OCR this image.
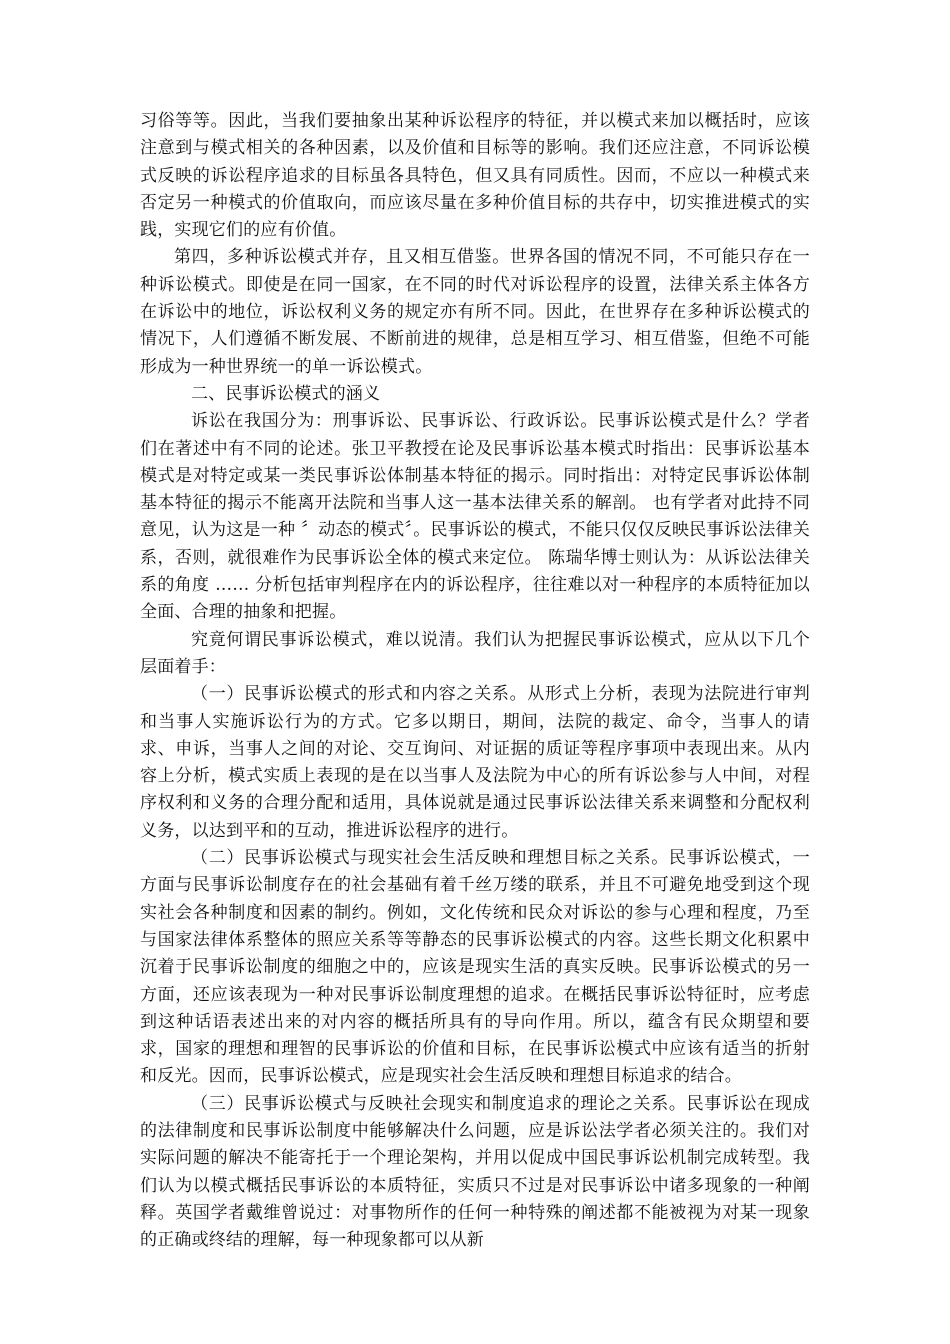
习俗等等。因此，当我们要抽象出某种诉讼程序的特征，并以模式来加以概括时，应该注意到与模式相关的各种因素，以及价值和目标等的影响。我们还应注意，不同诉讼模式反映的诉讼程序追求的目标虽各具特色，但又具有同质性。因而，不应以一种模式来否定另一种模式的价值取向，而应该尽量在多种价值目标的共存中，切实推进模式的实践，实现它们的应有价值。

第四，多种诉讼模式并存，且又相互借鉴。世界各国的情况不同，不可能只存在一种诉讼模式。即使是在同一国家，在不同的时代对诉讼程序的设置，法律关系主体各方在诉讼中的地位，诉讼权利义务的规定亦有所不同。因此，在世界存在多种诉讼模式的情况下，人们遵循不断发展、不断前进的规律，总是相互学习、相互借鉴，但绝不可能形成为一种世界统一的单一诉讼模式。

二、民事诉讼模式的涵义

诉讼在我国分为：刑事诉讼、民事诉讼、行政诉讼。民事诉讼模式是什么？学者们在著述中有不同的论述。张卫平教授在论及民事诉讼基本模式时指出：民事诉讼基本模式是对特定或某一类民事诉讼体制基本特征的揭示。同时指出：对特定民事诉讼体制基本特征的揭示不能离开法院和当事人这一基本法律关系的解剖。 也有学者对此持不同意见，认为这是一种 〞动态的模式〞。民事诉讼的模式，不能只仅仅反映民事诉讼法律关系，否则，就很难作为民事诉讼全体的模式来定位。 陈瑞华博士则认为：从诉讼法律关系的角度 …… 分析包括审判程序在内的诉讼程序，往往难以对一种程序的本质特征加以全面、合理的抽象和把握。

究竟何谓民事诉讼模式，难以说清。我们认为把握民事诉讼模式，应从以下几个层面着手：

（一）民事诉讼模式的形式和内容之关系。从形式上分析，表现为法院进行审判和当事人实施诉讼行为的方式。它多以期日，期间，法院的裁定、命令，当事人的请求、申诉，当事人之间的对论、交互询问、对证据的质证等程序事项中表现出来。从内容上分析，模式实质上表现的是在以当事人及法院为中心的所有诉讼参与人中间，对程序权利和义务的合理分配和适用，具体说就是通过民事诉讼法律关系来调整和分配权利义务，以达到平和的互动，推进诉讼程序的进行。

（二）民事诉讼模式与现实社会生活反映和理想目标之关系。民事诉讼模式，一方面与民事诉讼制度存在的社会基础有着千丝万缕的联系，并且不可避免地受到这个现实社会各种制度和因素的制约。例如，文化传统和民众对诉讼的参与心理和程度，乃至与国家法律体系整体的照应关系等等静态的民事诉讼模式的内容。这些长期文化积累中沉着于民事诉讼制度的细胞之中的，应该是现实生活的真实反映。民事诉讼模式的另一方面，还应该表现为一种对民事诉讼制度理想的追求。在概括民事诉讼特征时，应考虑到这种话语表述出来的对内容的概括所具有的导向作用。所以，蕴含有民众期望和要求，国家的理想和理智的民事诉讼的价值和目标，在民事诉讼模式中应该有适当的折射和反光。因而，民事诉讼模式，应是现实社会生活反映和理想目标追求的结合。

（三）民事诉讼模式与反映社会现实和制度追求的理论之关系。民事诉讼在现成的法律制度和民事诉讼制度中能够解决什么问题，应是诉讼法学者必须关注的。我们对实际问题的解决不能寄托于一个理论架构，并用以促成中国民事诉讼机制完成转型。我们认为以模式概括民事诉讼的本质特征，实质只不过是对民事诉讼中诸多现象的一种阐释。英国学者戴维曾说过：对事物所作的任何一种特殊的阐述都不能被视为对某一现象的正确或终结的理解，每一种现象都可以从新
